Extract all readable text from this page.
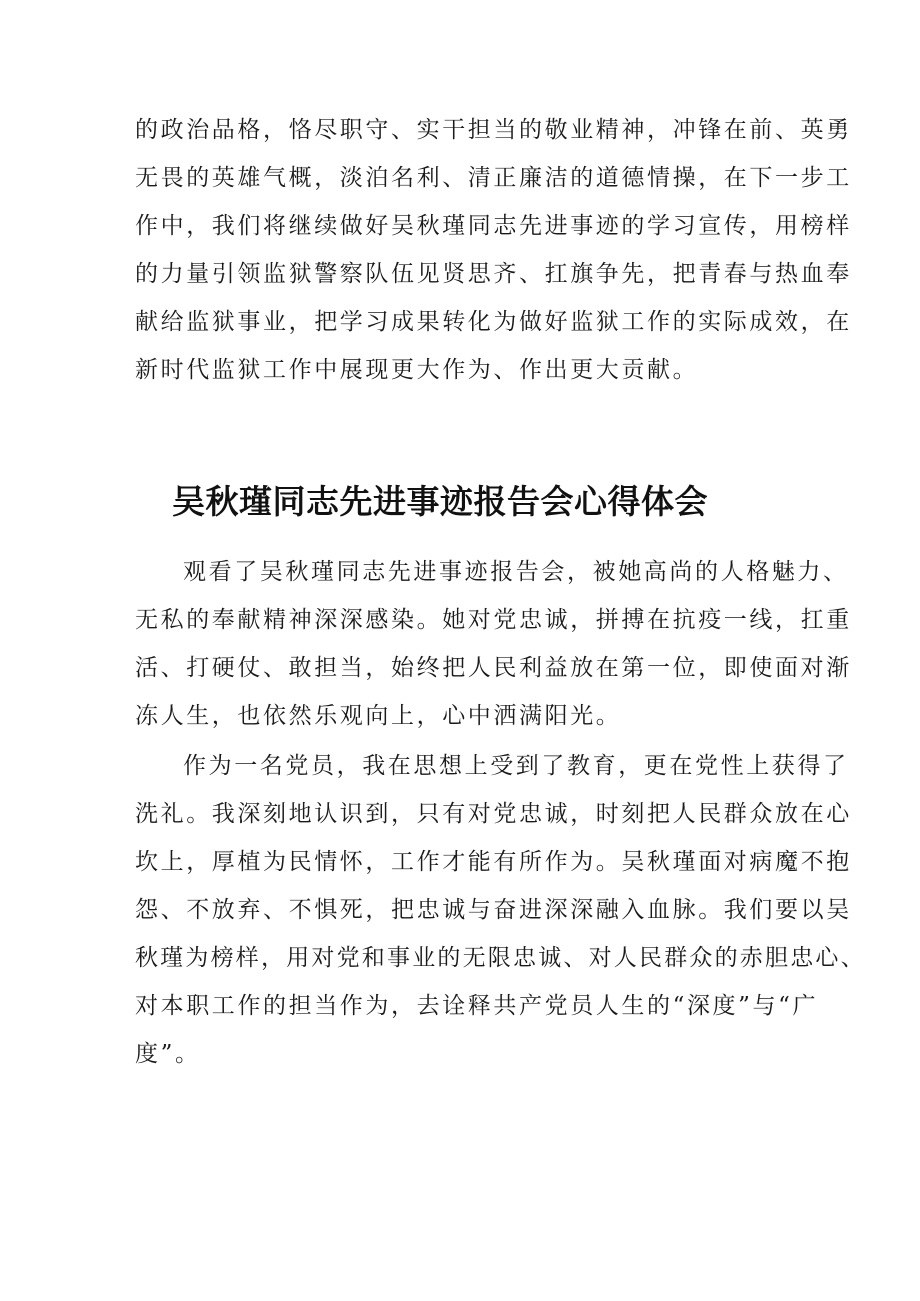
的政治品格，恪尽职守、实干担当的敬业精神，冲锋在前、英勇
无畏的英雄气概，淡泊名利、清正廉洁的道德情操，在下一步工
作中，我们将继续做好吴秋瑾同志先进事迹的学习宣传，用榜样
的力量引领监狱警察队伍见贤思齐、扛旗争先，把青春与热血奉
献给监狱事业，把学习成果转化为做好监狱工作的实际成效，在
新时代监狱工作中展现更大作为、作出更大贡献。
吴秋瑾同志先进事迹报告会心得体会
观看了吴秋瑾同志先进事迹报告会，被她高尚的人格魅力、
无私的奉献精神深深感染。她对党忠诚，拼搏在抗疫一线，扛重
活、打硬仗、敢担当，始终把人民利益放在第一位，即使面对渐
冻人生，也依然乐观向上，心中洒满阳光。
作为一名党员，我在思想上受到了教育，更在党性上获得了
洗礼。我深刻地认识到，只有对党忠诚，时刻把人民群众放在心
坎上，厚植为民情怀，工作才能有所作为。吴秋瑾面对病魔不抱
怨、不放弃、不惧死，把忠诚与奋进深深融入血脉。我们要以吴
秋瑾为榜样，用对党和事业的无限忠诚、对人民群众的赤胆忠心、
对本职工作的担当作为，去诠释共产党员人生的“深度”与“广
度”。
